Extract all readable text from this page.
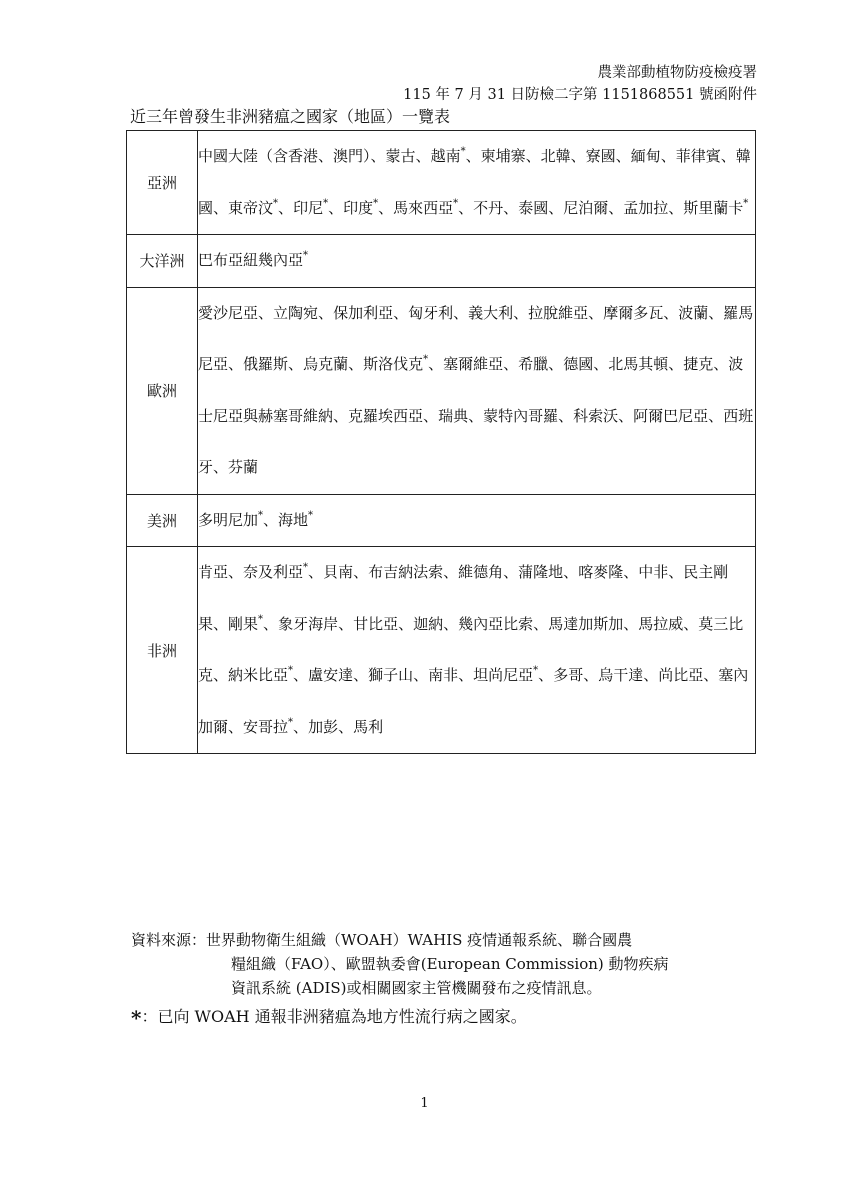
農業部動植物防疫檢疫署
115 年 7 月 31 日防檢二字第 1151868551 號函附件
近三年曾發生非洲豬瘟之國家（地區）一覽表
亞洲	中國大陸（含香港、澳門）、蒙古、越南*、柬埔寨、北韓、寮國、緬甸、菲律賓、韓國、東帝汶*、印尼*、印度*、馬來西亞*、不丹、泰國、尼泊爾、孟加拉、斯里蘭卡*

大洋洲	巴布亞紐幾內亞*

歐洲	愛沙尼亞、立陶宛、保加利亞、匈牙利、義大利、拉脫維亞、摩爾多瓦、波蘭、羅馬尼亞、俄羅斯、烏克蘭、斯洛伐克*、塞爾維亞、希臘、德國、北馬其頓、捷克、波士尼亞與赫塞哥維納、克羅埃西亞、瑞典、蒙特內哥羅、科索沃、阿爾巴尼亞、西班牙、芬蘭

美洲	多明尼加*、海地*

非洲	肯亞、奈及利亞*、貝南、布吉納法索、維德角、蒲隆地、喀麥隆、中非、民主剛果、剛果*、象牙海岸、甘比亞、迦納、幾內亞比索、馬達加斯加、馬拉威、莫三比克、納米比亞*、盧安達、獅子山、南非、坦尚尼亞*、多哥、烏干達、尚比亞、塞內加爾、安哥拉*、加彭、馬利
資料來源：世界動物衛生組織（WOAH）WAHIS 疫情通報系統、聯合國農
糧組織（FAO）、歐盟執委會(European Commission) 動物疾病
資訊系統 (ADIS)或相關國家主管機關發布之疫情訊息。
*：已向 WOAH 通報非洲豬瘟為地方性流行病之國家。
1
